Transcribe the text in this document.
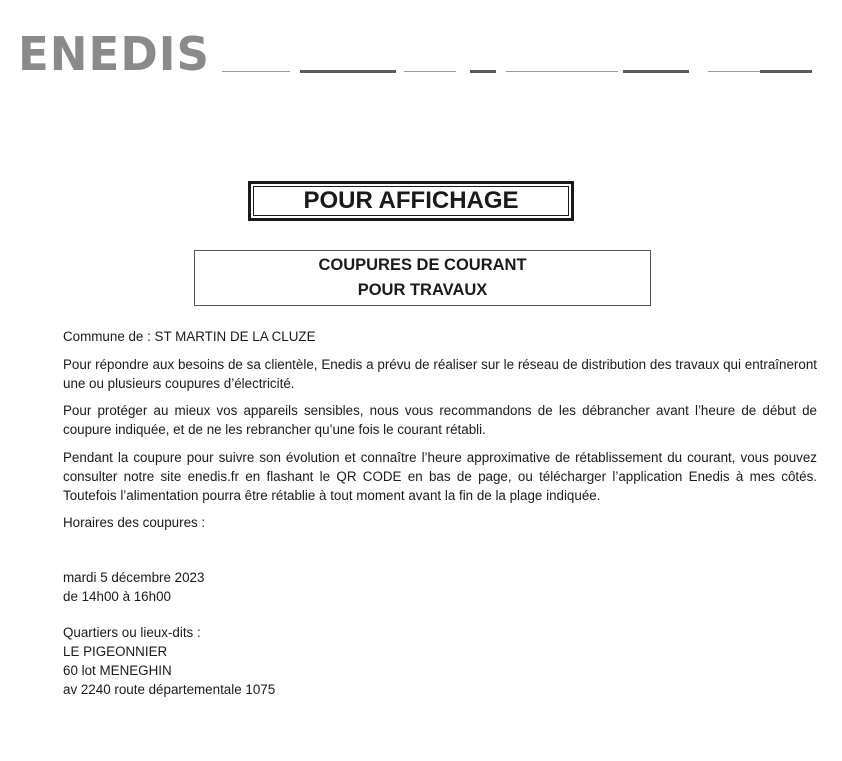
ENEDIS
POUR AFFICHAGE
COUPURES DE COURANT
POUR TRAVAUX
Commune de : ST MARTIN DE LA CLUZE
Pour répondre aux besoins de sa clientèle, Enedis a prévu de réaliser sur le réseau de distribution des travaux qui entraîneront une ou plusieurs coupures d’électricité.
Pour protéger au mieux vos appareils sensibles, nous vous recommandons de les débrancher avant l’heure de début de coupure indiquée, et de ne les rebrancher qu’une fois le courant rétabli.
Pendant la coupure pour suivre son évolution et connaître l’heure approximative de rétablissement du courant, vous pouvez consulter notre site enedis.fr en flashant le QR CODE en bas de page, ou télécharger l’application Enedis à mes côtés. Toutefois l’alimentation pourra être rétablie à tout moment avant la fin de la plage indiquée.
Horaires des coupures :
mardi 5 décembre 2023
de 14h00 à 16h00
Quartiers ou lieux-dits :
LE PIGEONNIER
60 lot MENEGHIN
av 2240 route départementale 1075
